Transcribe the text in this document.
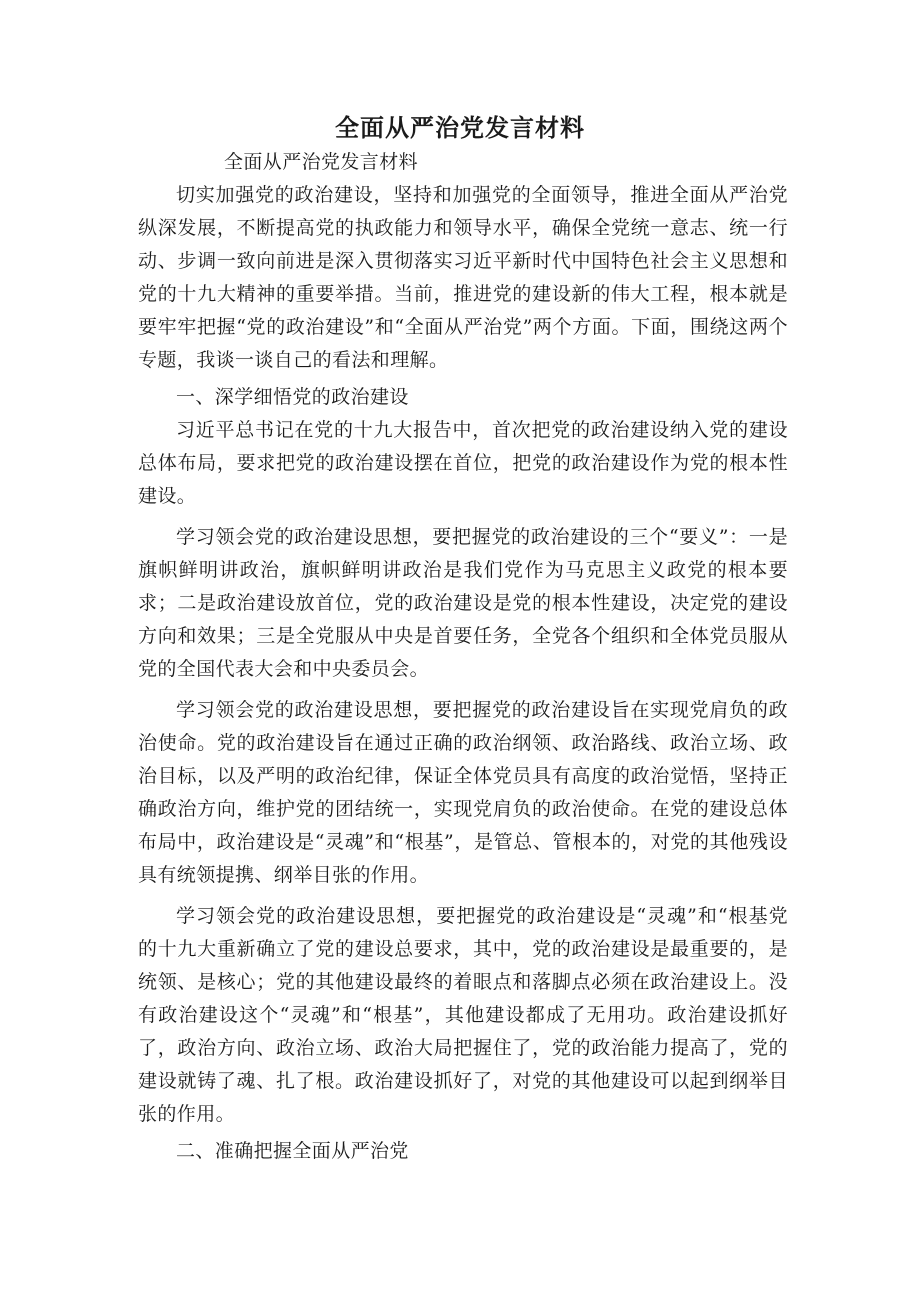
全面从严治党发言材料

全面从严治党发言材料

切实加强党的政治建设，坚持和加强党的全面领导，推进全面从严治党纵深发展，不断提高党的执政能力和领导水平，确保全党统一意志、统一行动、步调一致向前进是深入贯彻落实习近平新时代中国特色社会主义思想和党的十九大精神的重要举措。当前，推进党的建设新的伟大工程，根本就是要牢牢把握“党的政治建设”和“全面从严治党”两个方面。下面，围绕这两个专题，我谈一谈自己的看法和理解。

一、深学细悟党的政治建设

习近平总书记在党的十九大报告中，首次把党的政治建设纳入党的建设总体布局，要求把党的政治建设摆在首位，把党的政治建设作为党的根本性建设。

学习领会党的政治建设思想，要把握党的政治建设的三个“要义”：一是旗帜鲜明讲政治，旗帜鲜明讲政治是我们党作为马克思主义政党的根本要求；二是政治建设放首位，党的政治建设是党的根本性建设，决定党的建设方向和效果；三是全党服从中央是首要任务，全党各个组织和全体党员服从党的全国代表大会和中央委员会。

学习领会党的政治建设思想，要把握党的政治建设旨在实现党肩负的政治使命。党的政治建设旨在通过正确的政治纲领、政治路线、政治立场、政治目标，以及严明的政治纪律，保证全体党员具有高度的政治觉悟，坚持正确政治方向，维护党的团结统一，实现党肩负的政治使命。在党的建设总体布局中，政治建设是“灵魂”和“根基”，是管总、管根本的，对党的其他残设具有统领提携、纲举目张的作用。

学习领会党的政治建设思想，要把握党的政治建设是“灵魂”和“根基党的十九大重新确立了党的建设总要求，其中，党的政治建设是最重要的，是统领、是核心；党的其他建设最终的着眼点和落脚点必须在政治建设上。没有政治建设这个“灵魂”和“根基”，其他建设都成了无用功。政治建设抓好了，政治方向、政治立场、政治大局把握住了，党的政治能力提高了，党的建设就铸了魂、扎了根。政治建设抓好了，对党的其他建设可以起到纲举目张的作用。

二、准确把握全面从严治党
